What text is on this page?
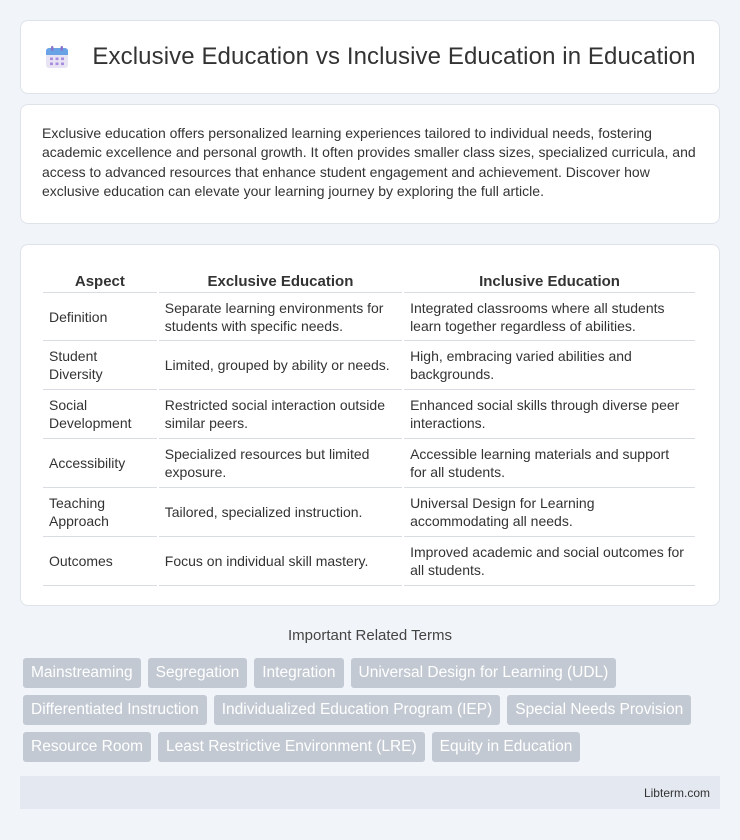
Exclusive Education vs Inclusive Education in Education

Exclusive education offers personalized learning experiences tailored to individual needs, fostering academic excellence and personal growth. It often provides smaller class sizes, specialized curricula, and access to advanced resources that enhance student engagement and achievement. Discover how exclusive education can elevate your learning journey by exploring the full article.

Aspect	Exclusive Education	Inclusive Education
Definition	Separate learning environments for students with specific needs.	Integrated classrooms where all students learn together regardless of abilities.
Student Diversity	Limited, grouped by ability or needs.	High, embracing varied abilities and backgrounds.
Social Development	Restricted social interaction outside similar peers.	Enhanced social skills through diverse peer interactions.
Accessibility	Specialized resources but limited exposure.	Accessible learning materials and support for all students.
Teaching Approach	Tailored, specialized instruction.	Universal Design for Learning accommodating all needs.
Outcomes	Focus on individual skill mastery.	Improved academic and social outcomes for all students.
Important Related Terms
Mainstreaming	Segregation	Integration	Universal Design for Learning (UDL)
Differentiated Instruction	Individualized Education Program (IEP)	Special Needs Provision
Resource Room	Least Restrictive Environment (LRE)	Equity in Education
Libterm.com
